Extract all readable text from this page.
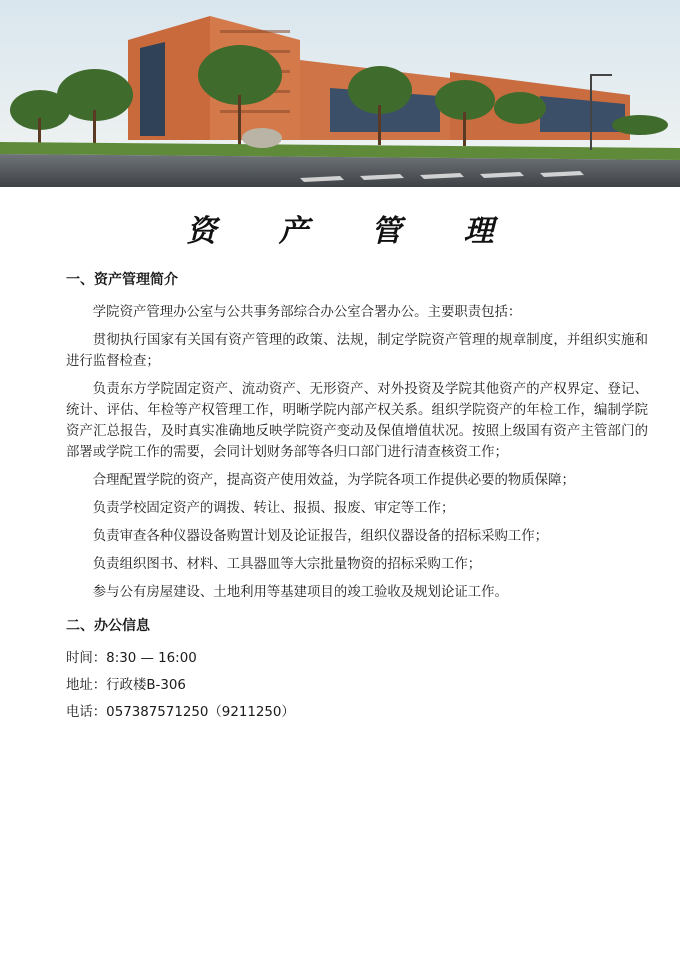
资 产 管 理
一、资产管理简介

学院资产管理办公室与公共事务部综合办公室合署办公。主要职责包括：

贯彻执行国家有关国有资产管理的政策、法规，制定学院资产管理的规章制度，并组织实施和进行监督检查；

负责东方学院固定资产、流动资产、无形资产、对外投资及学院其他资产的产权界定、登记、统计、评估、年检等产权管理工作，明晰学院内部产权关系。组织学院资产的年检工作，编制学院资产汇总报告，及时真实准确地反映学院资产变动及保值增值状况。按照上级国有资产主管部门的部署或学院工作的需要，会同计划财务部等各归口部门进行清查核资工作；

合理配置学院的资产，提高资产使用效益，为学院各项工作提供必要的物质保障；

负责学校固定资产的调拨、转让、报损、报废、审定等工作；

负责审查各种仪器设备购置计划及论证报告，组织仪器设备的招标采购工作；

负责组织图书、材料、工具器皿等大宗批量物资的招标采购工作；

参与公有房屋建设、土地利用等基建项目的竣工验收及规划论证工作。

二、办公信息

时间：8:30 — 16:00

地址：行政楼B-306

电话：057387571250（9211250）
